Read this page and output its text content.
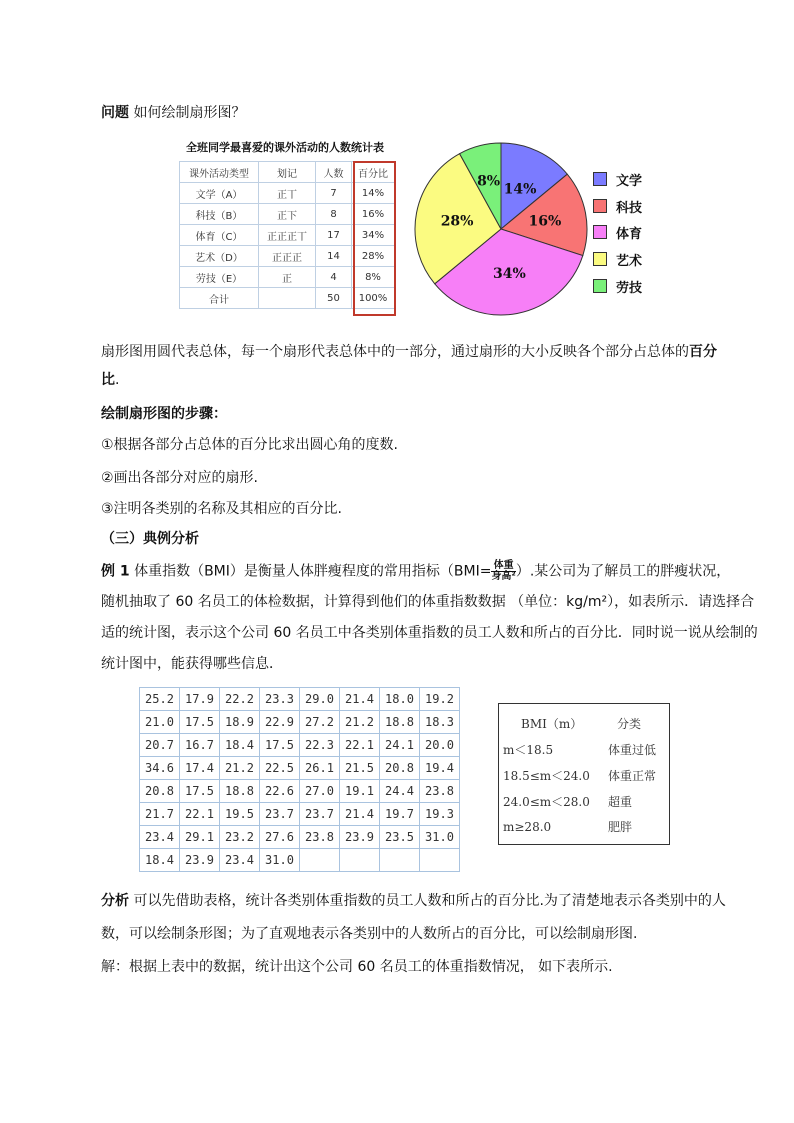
问题 如何绘制扇形图？
全班同学最喜爱的课外活动的人数统计表
课外活动类型	划记	人数	百分比
文学（A）	正丅	7	14%
科技（B）	正下	8	16%
体育（C）	正正正丅	17	34%
艺术（D）	正正正	14	28%
劳技（E）	正	4	8%
合计		50	100%
14%
16%
34%
28%
8%	文学
科技
体育
艺术
劳技
扇形图用圆代表总体，每一个扇形代表总体中的一部分，通过扇形的大小反映各个部分占总体的百分
比.
绘制扇形图的步骤：
①根据各部分占总体的百分比求出圆心角的度数.
②画出各部分对应的扇形.
③注明各类别的名称及其相应的百分比.
（三）典例分析
例 1 体重指数（BMI）是衡量人体胖瘦程度的常用指标（BMI= 体重
身高² ）.某公司为了解员工的胖瘦状况，
随机抽取了 60 名员工的体检数据，计算得到他们的体重指数数据 （单位：kg/m²），如表所示．请选择合
适的统计图，表示这个公司 60 名员工中各类别体重指数的员工人数和所占的百分比．同时说一说从绘制的
统计图中，能获得哪些信息．
25.2	17.9	22.2	23.3	29.0	21.4	18.0	19.2
21.0	17.5	18.9	22.9	27.2	21.2	18.8	18.3
20.7	16.7	18.4	17.5	22.3	22.1	24.1	20.0
34.6	17.4	21.2	22.5	26.1	21.5	20.8	19.4
20.8	17.5	18.8	22.6	27.0	19.1	24.4	23.8
21.7	22.1	19.5	23.7	23.7	21.4	19.7	19.3
23.4	29.1	23.2	27.6	23.8	23.9	23.5	31.0
18.4	23.9	23.4	31.0				
BMI（m）	分类
m＜18.5	体重过低
18.5≤m＜24.0 体重正常
24.0≤m＜28.0 超重
m≥28.0	肥胖
分析 可以先借助表格，统计各类别体重指数的员工人数和所占的百分比.为了清楚地表示各类别中的人
数，可以绘制条形图；为了直观地表示各类别中的人数所占的百分比，可以绘制扇形图.
解：根据上表中的数据，统计出这个公司 60 名员工的体重指数情况， 如下表所示.
